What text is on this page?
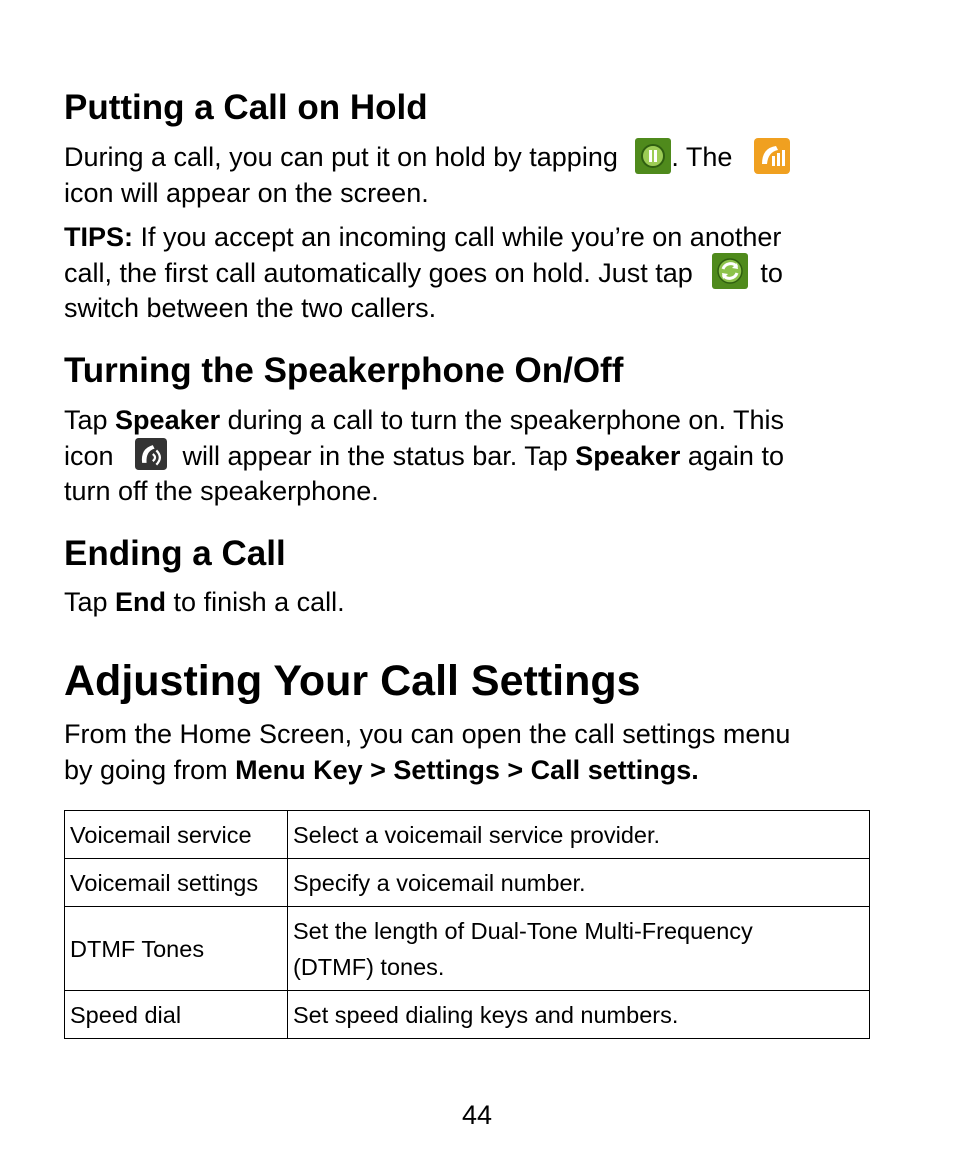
Putting a Call on Hold
During a call, you can put it on hold by tapping . The
icon will appear on the screen.
TIPS: If you accept an incoming call while you’re on another
call, the first call automatically goes on hold. Just tap	to
switch between the two callers.
Turning the Speakerphone On/Off
Tap Speaker during a call to turn the speakerphone on. This
icon
will appear in the status bar. Tap Speaker again to
turn off the speakerphone.
Ending a Call
Tap End to finish a call.
Adjusting Your Call Settings
From the Home Screen, you can open the call settings menu
by going from Menu Key > Settings > Call settings.
Voicemail service	Select a voicemail service provider.
Voicemail settings	Specify a voicemail number.
DTMF Tones	Set the length of Dual-Tone Multi-Frequency
(DTMF) tones.
Speed dial	Set speed dialing keys and numbers.
44
